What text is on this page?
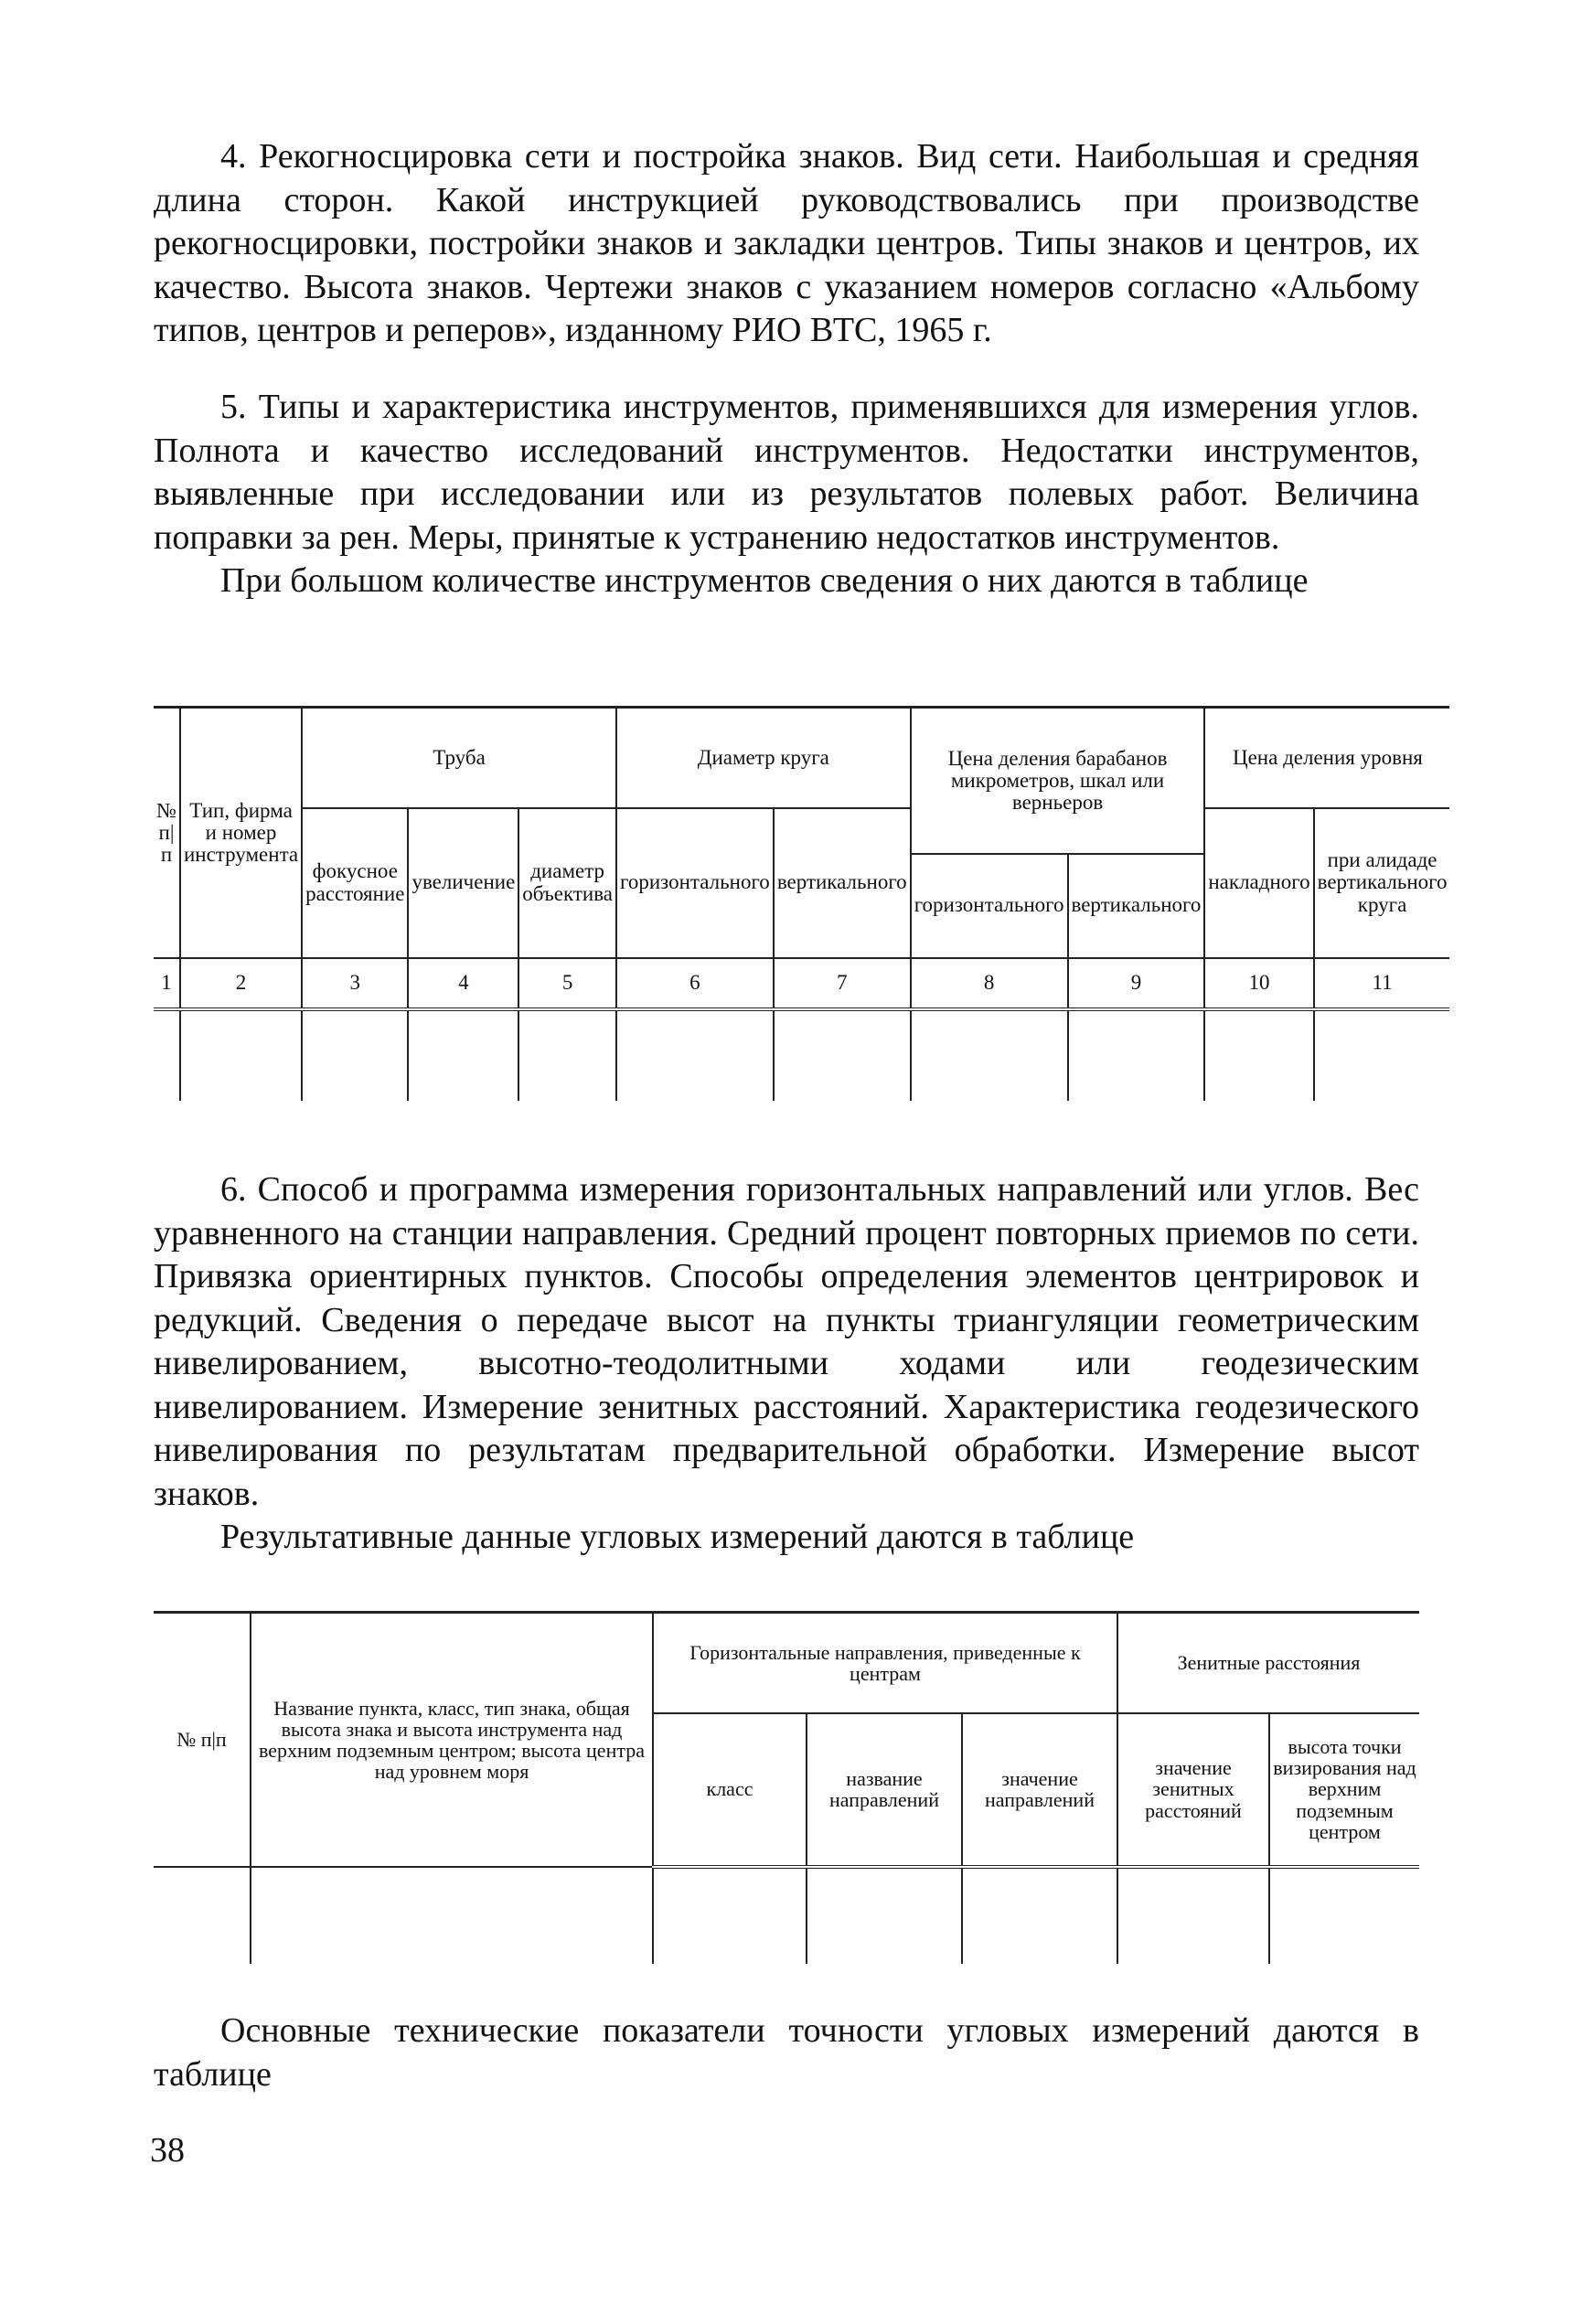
4. Рекогносцировка сети и постройка знаков. Вид сети. Наибольшая и средняя длина сторон. Какой инструкцией руководствовались при производстве рекогносцировки, постройки знаков и закладки центров. Типы знаков и центров, их качество. Высота знаков. Чертежи знаков с указанием номеров согласно «Альбому типов, центров и реперов», изданному РИО ВТС, 1965 г.

5. Типы и характеристика инструментов, применявшихся для измерения углов. Полнота и качество исследований инструментов. Недостатки инструментов, выявленные при исследовании или из результатов полевых работ. Величина поправки за рен. Меры, принятые к устранению недостатков инструментов.

При большом количестве инструментов сведения о них даются в таблице

№ п|п	Тип, фирма и номер инструмента	Труба			Диаметр круга		Цена деления барабанов микрометров, шкал или верньеров		Цена деления уровня	
		фокусное расстояние	увеличение	диаметр объектива	горизонтального	вертикального			накладного	при алидаде вертикального круга
							горизонтального	вертикального		
1	2	3	4	5	6	7	8	9	10	11

6. Способ и программа измерения горизонтальных направлений или углов. Вес уравненного на станции направления. Средний процент повторных приемов по сети. Привязка ориентирных пунктов. Способы определения элементов центрировок и редукций. Сведения о передаче высот на пункты триангуляции геометрическим нивелированием, высотно-теодолитными ходами или геодезическим нивелированием. Измерение зенитных расстояний. Характеристика геодезического нивелирования по результатам предварительной обработки. Измерение высот знаков.

Результативные данные угловых измерений даются в таблице

№ п|п	Название пункта, класс, тип знака, общая высота знака и высота инструмента над верхним подземным центром; высота центра над уровнем моря	Горизонтальные направления, приведенные к центрам			Зенитные расстояния	
		класс	название направлений	значение направлений	значение зенитных расстояний	высота точки визирования над верхним подземным центром

Основные технические показатели точности угловых измерений даются в таблице

38
